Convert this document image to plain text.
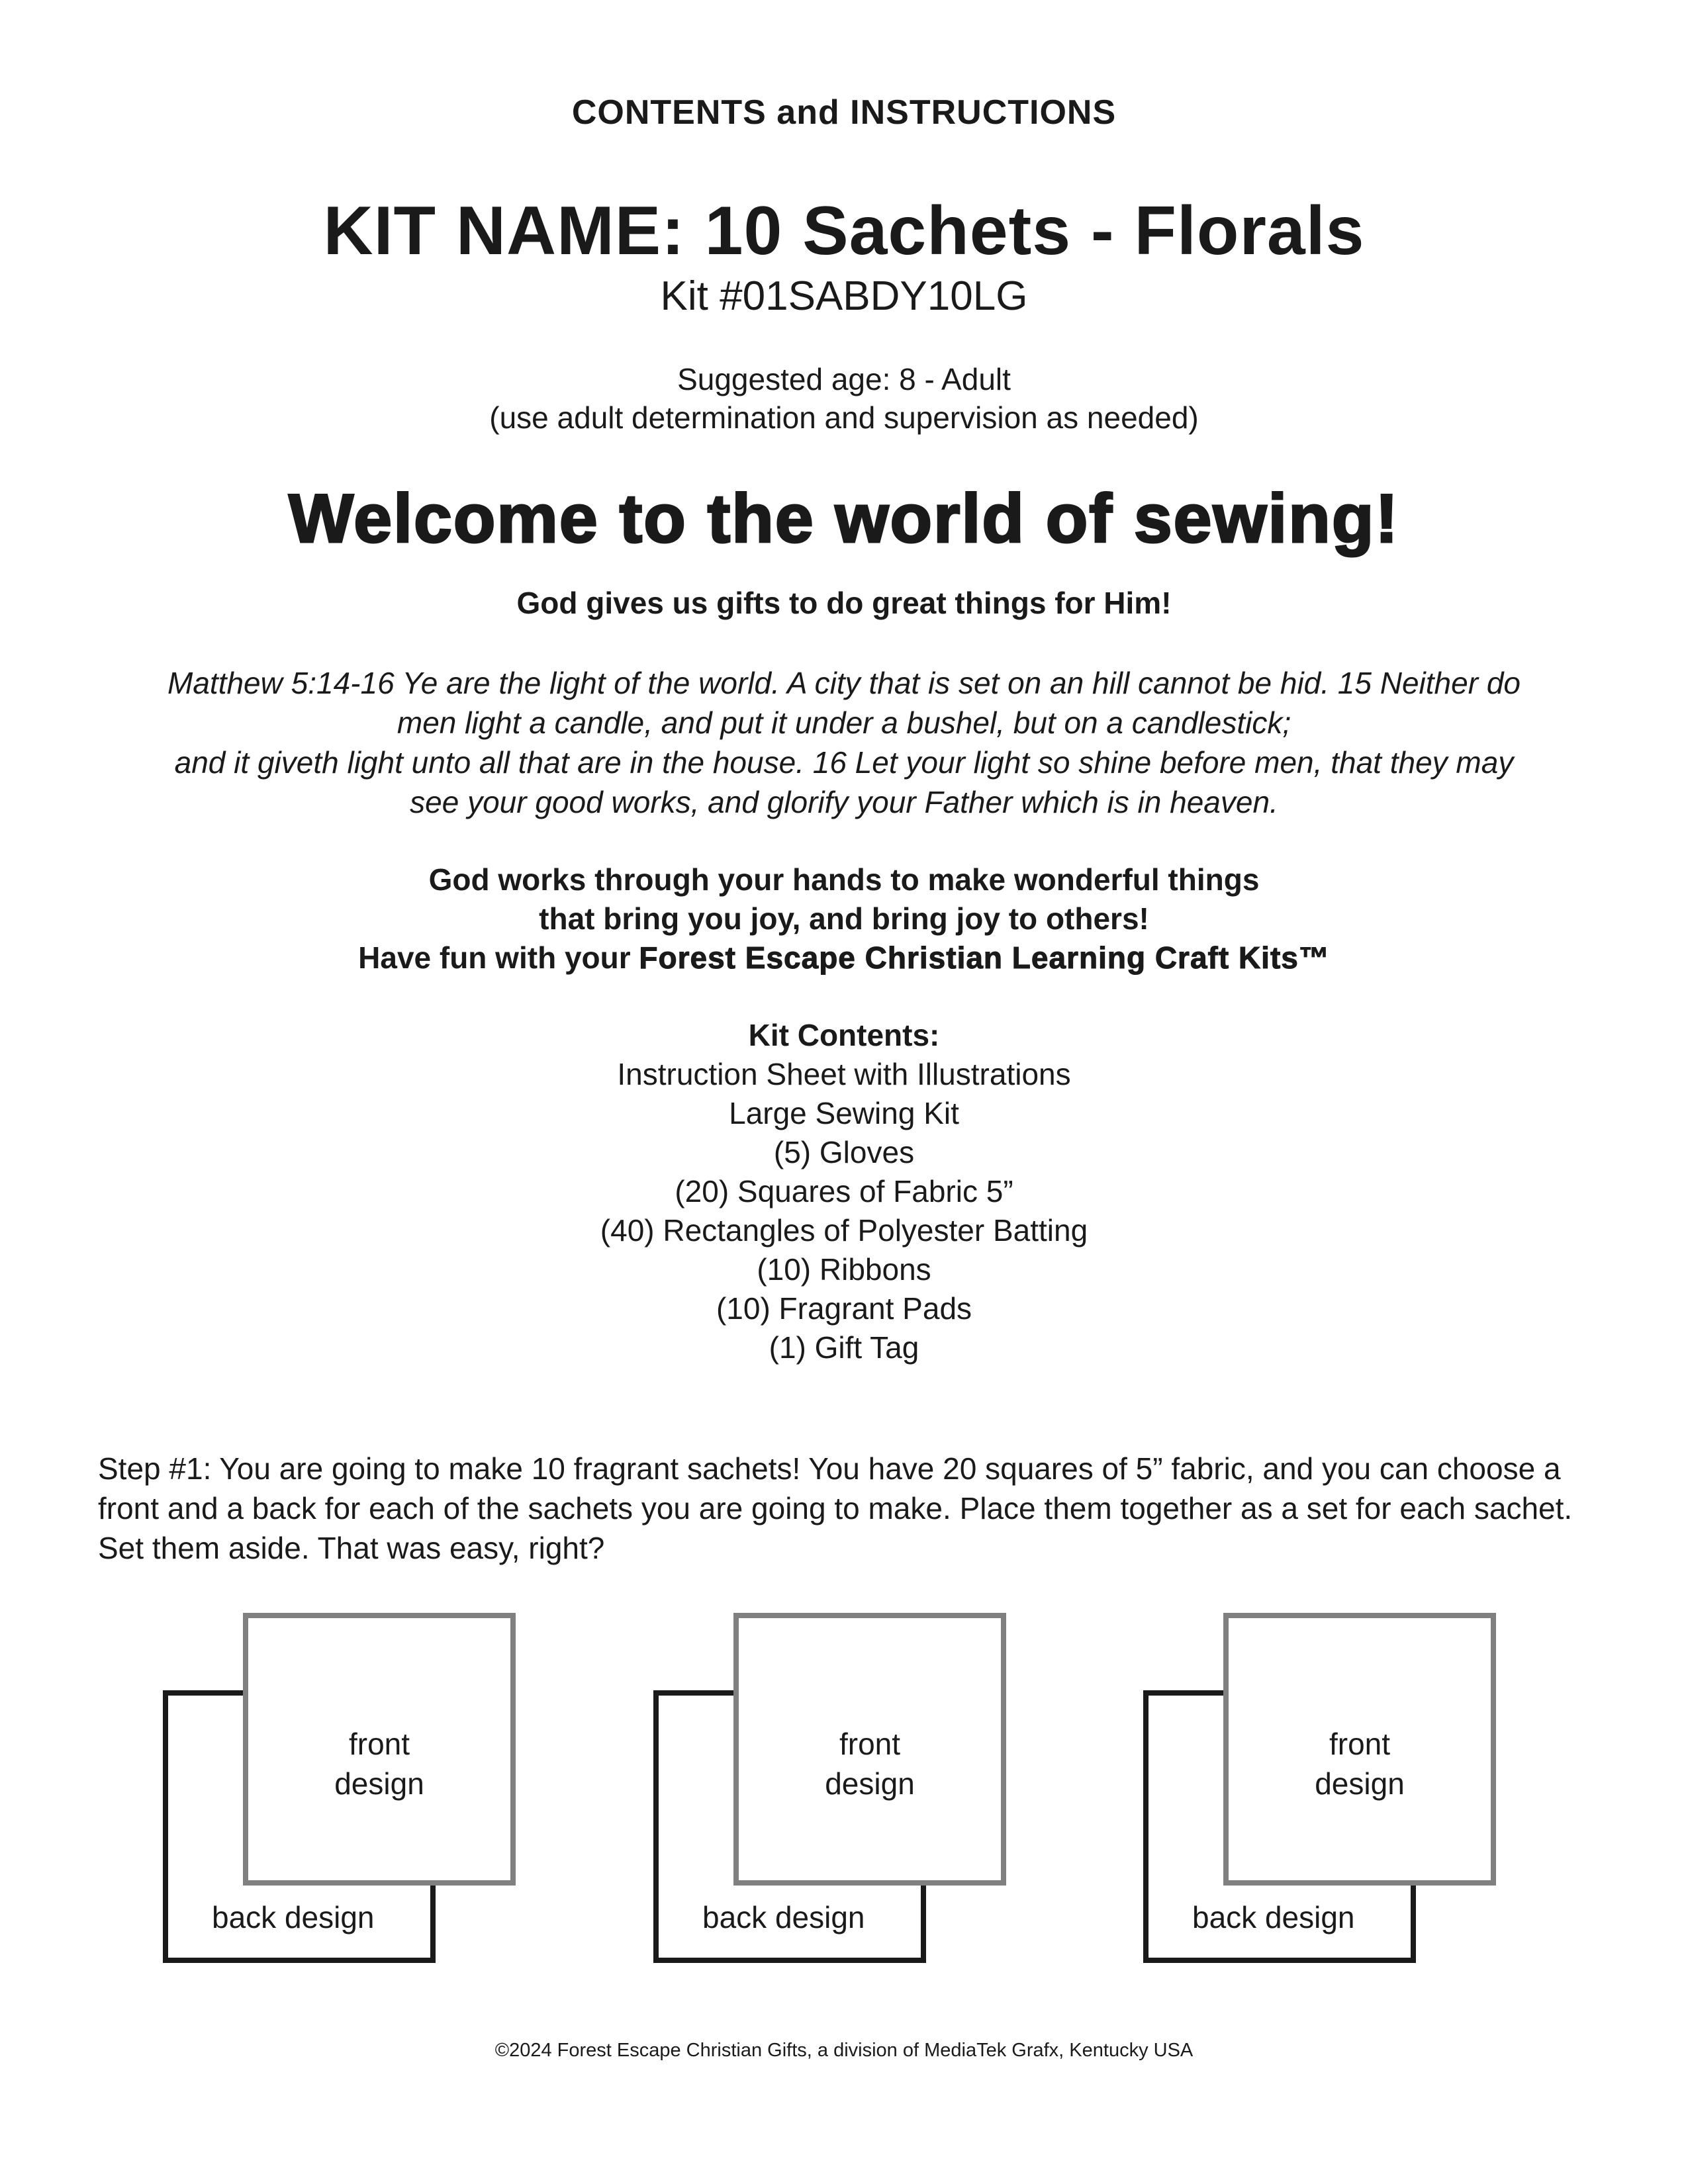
CONTENTS and INSTRUCTIONS
KIT NAME: 10 Sachets - Florals
Kit #01SABDY10LG
Suggested age: 8 - Adult
(use adult determination and supervision as needed)
Welcome to the world of sewing!
God gives us gifts to do great things for Him!
Matthew 5:14-16 Ye are the light of the world. A city that is set on an hill cannot be hid. 15 Neither do
men light a candle, and put it under a bushel, but on a candlestick;
and it giveth light unto all that are in the house. 16 Let your light so shine before men, that they may
see your good works, and glorify your Father which is in heaven.
God works through your hands to make wonderful things
that bring you joy, and bring joy to others!
Have fun with your Forest Escape Christian Learning Craft Kits™
Kit Contents:
Instruction Sheet with Illustrations
Large Sewing Kit
(5) Gloves
(20) Squares of Fabric 5”
(40) Rectangles of Polyester Batting
(10) Ribbons
(10) Fragrant Pads
(1) Gift Tag
Step #1: You are going to make 10 fragrant sachets! You have 20 squares of 5” fabric, and you can choose a front and a back for each of the sachets you are going to make. Place them together as a set for each sachet. Set them aside. That was easy, right?
back design
front
design
back design
front
design
back design
front
design
©2024 Forest Escape Christian Gifts, a division of MediaTek Grafx, Kentucky USA
